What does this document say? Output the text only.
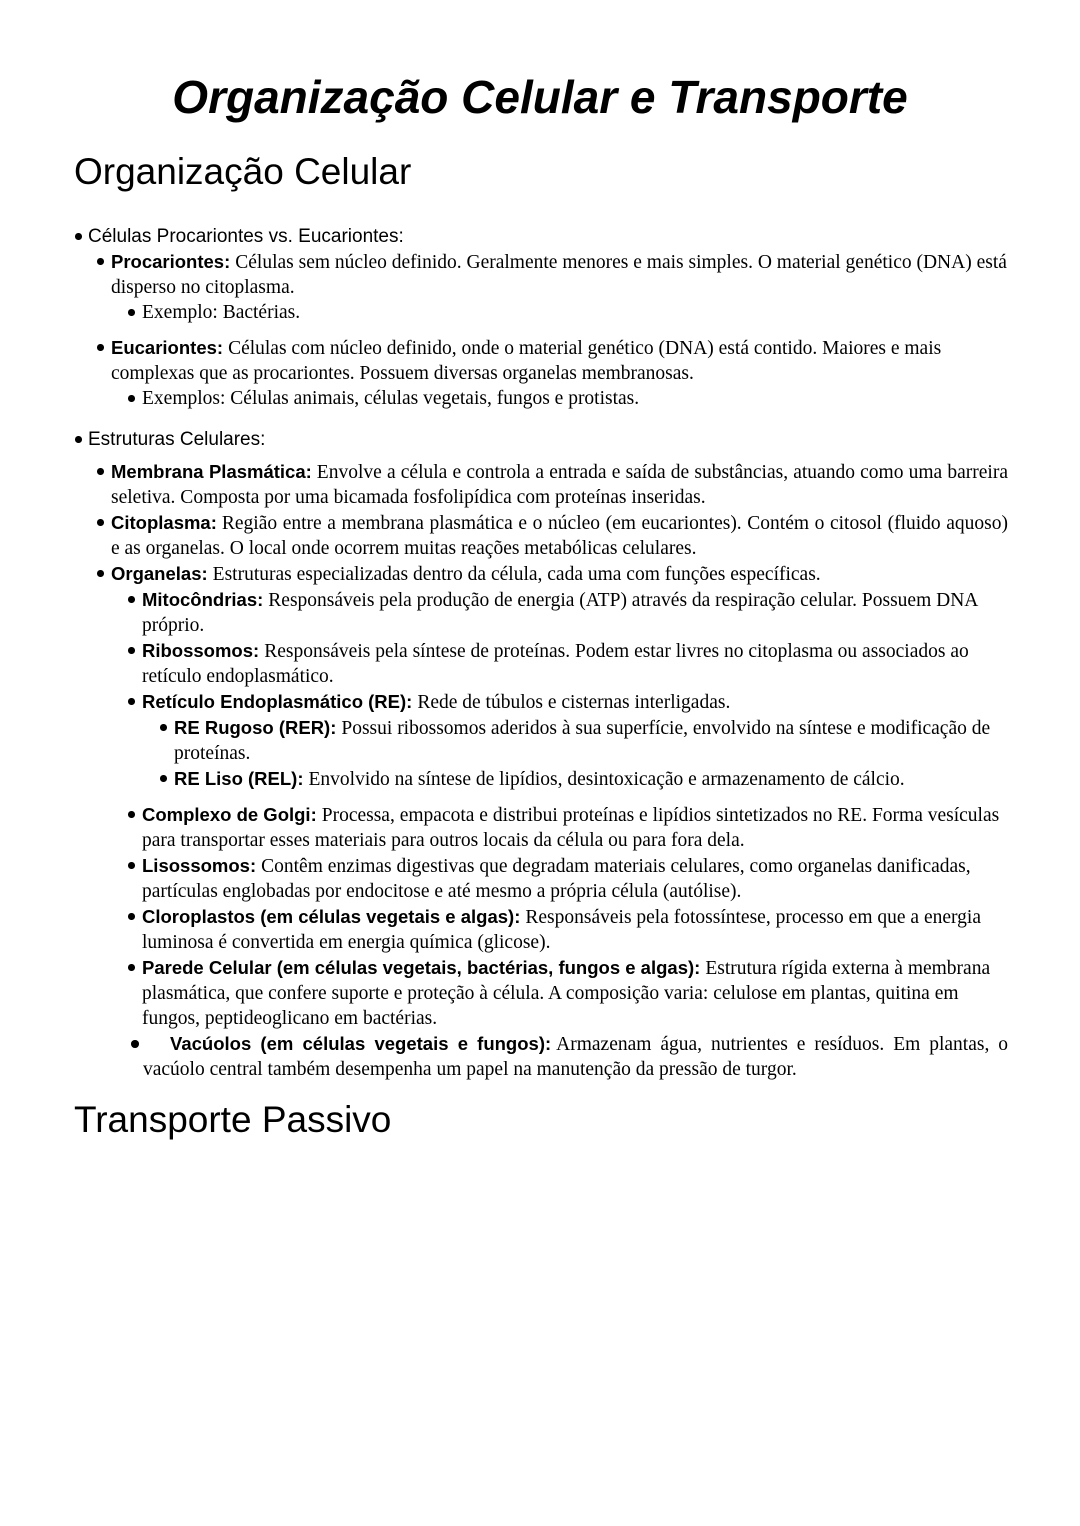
Organização Celular e Transporte
Organização Celular
Células Procariontes vs. Eucariontes:
Procariontes: Células sem núcleo definido. Geralmente menores e mais simples. O material genético (DNA) está disperso no citoplasma.
Exemplo: Bactérias.
Eucariontes: Células com núcleo definido, onde o material genético (DNA) está contido. Maiores e mais complexas que as procariontes. Possuem diversas organelas membranosas.
Exemplos: Células animais, células vegetais, fungos e protistas.
Estruturas Celulares:
Membrana Plasmática: Envolve a célula e controla a entrada e saída de substâncias, atuando como uma barreira seletiva. Composta por uma bicamada fosfolipídica com proteínas inseridas.
Citoplasma: Região entre a membrana plasmática e o núcleo (em eucariontes). Contém o citosol (fluido aquoso) e as organelas. O local onde ocorrem muitas reações metabólicas celulares.
Organelas: Estruturas especializadas dentro da célula, cada uma com funções específicas.
Mitocôndrias: Responsáveis pela produção de energia (ATP) através da respiração celular. Possuem DNA próprio.
Ribossomos: Responsáveis pela síntese de proteínas. Podem estar livres no citoplasma ou associados ao retículo endoplasmático.
Retículo Endoplasmático (RE): Rede de túbulos e cisternas interligadas.
RE Rugoso (RER): Possui ribossomos aderidos à sua superfície, envolvido na síntese e modificação de proteínas.
RE Liso (REL): Envolvido na síntese de lipídios, desintoxicação e armazenamento de cálcio.
Complexo de Golgi: Processa, empacota e distribui proteínas e lipídios sintetizados no RE. Forma vesículas para transportar esses materiais para outros locais da célula ou para fora dela.
Lisossomos: Contêm enzimas digestivas que degradam materiais celulares, como organelas danificadas, partículas englobadas por endocitose e até mesmo a própria célula (autólise).
Cloroplastos (em células vegetais e algas): Responsáveis pela fotossíntese, processo em que a energia luminosa é convertida em energia química (glicose).
Parede Celular (em células vegetais, bactérias, fungos e algas): Estrutura rígida externa à membrana plasmática, que confere suporte e proteção à célula. A composição varia: celulose em plantas, quitina em fungos, peptideoglicano em bactérias.
Vacúolos (em células vegetais e fungos): Armazenam água, nutrientes e resíduos. Em plantas, o vacúolo central também desempenha um papel na manutenção da pressão de turgor.
Transporte Passivo
